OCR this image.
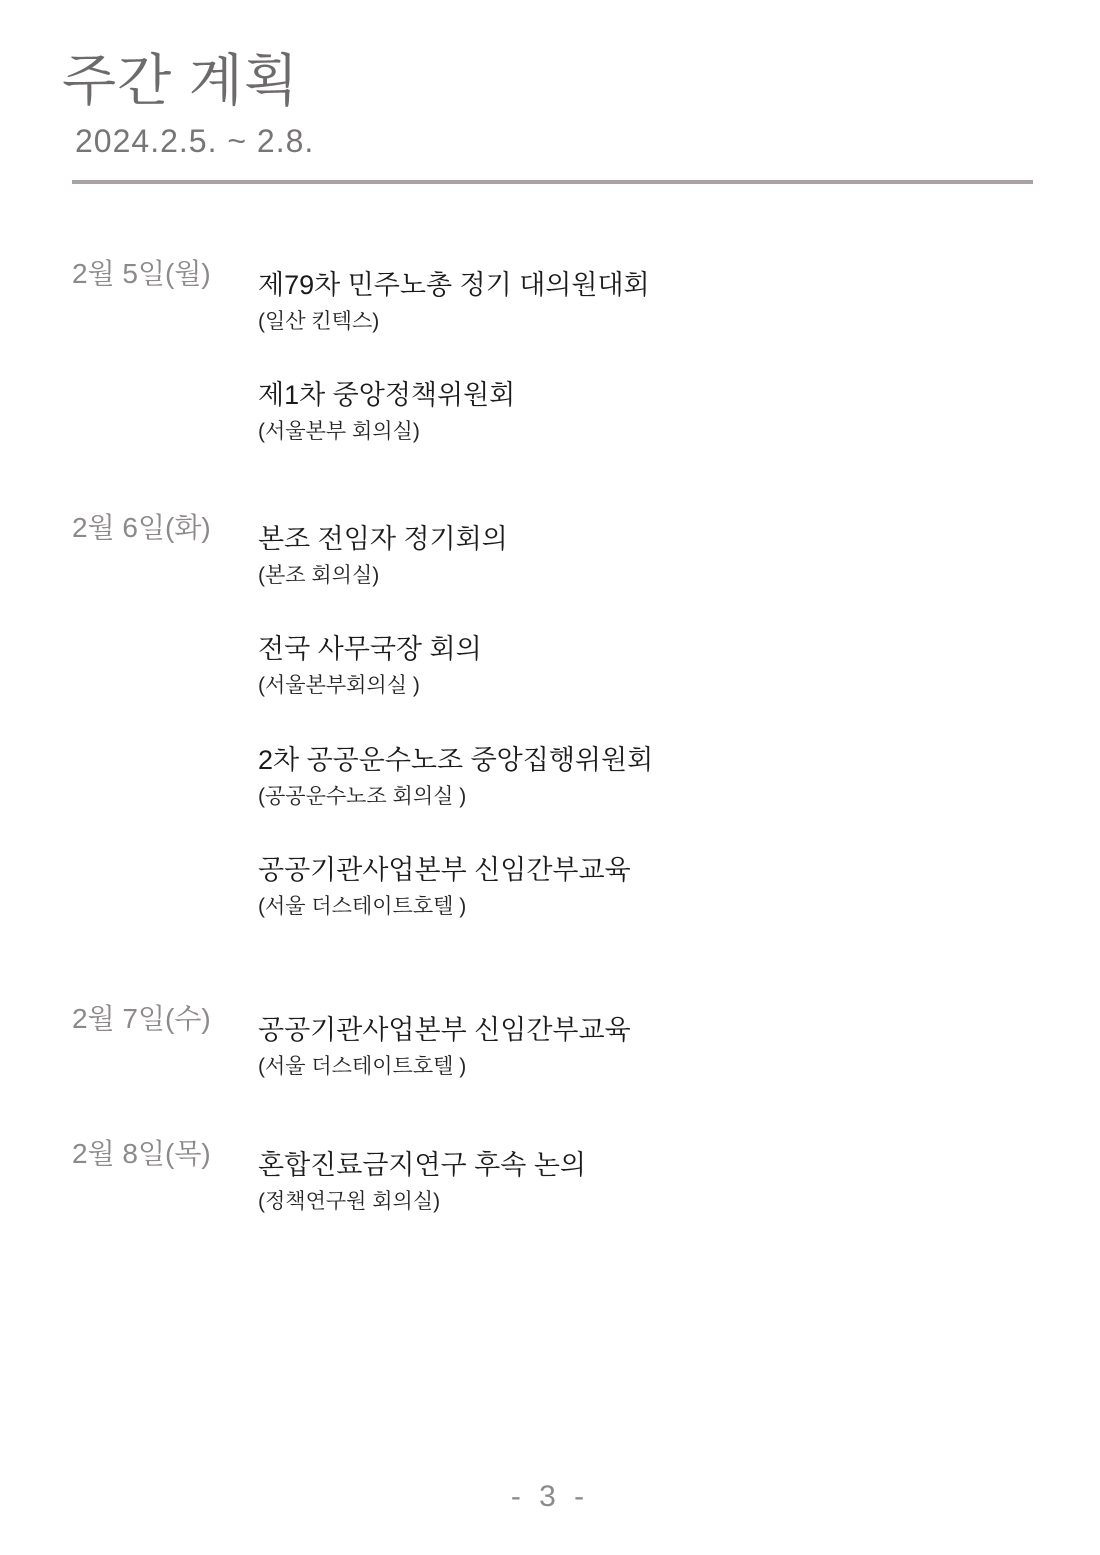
주간 계획
2024.2.5. ~ 2.8.
2월 5일(월)	제79차 민주노총 정기 대의원대회
(일산 킨텍스)
제1차 중앙정책위원회
(서울본부 회의실)
2월 6일(화)	본조 전임자 정기회의
(본조 회의실)
전국 사무국장 회의
(서울본부회의실 )
2차 공공운수노조 중앙집행위원회
(공공운수노조 회의실 )
공공기관사업본부 신임간부교육
(서울 더스테이트호텔 )
2월 7일(수)	공공기관사업본부 신임간부교육
(서울 더스테이트호텔 )
2월 8일(목)	혼합진료금지연구 후속 논의
(정책연구원 회의실)
- 3 -
